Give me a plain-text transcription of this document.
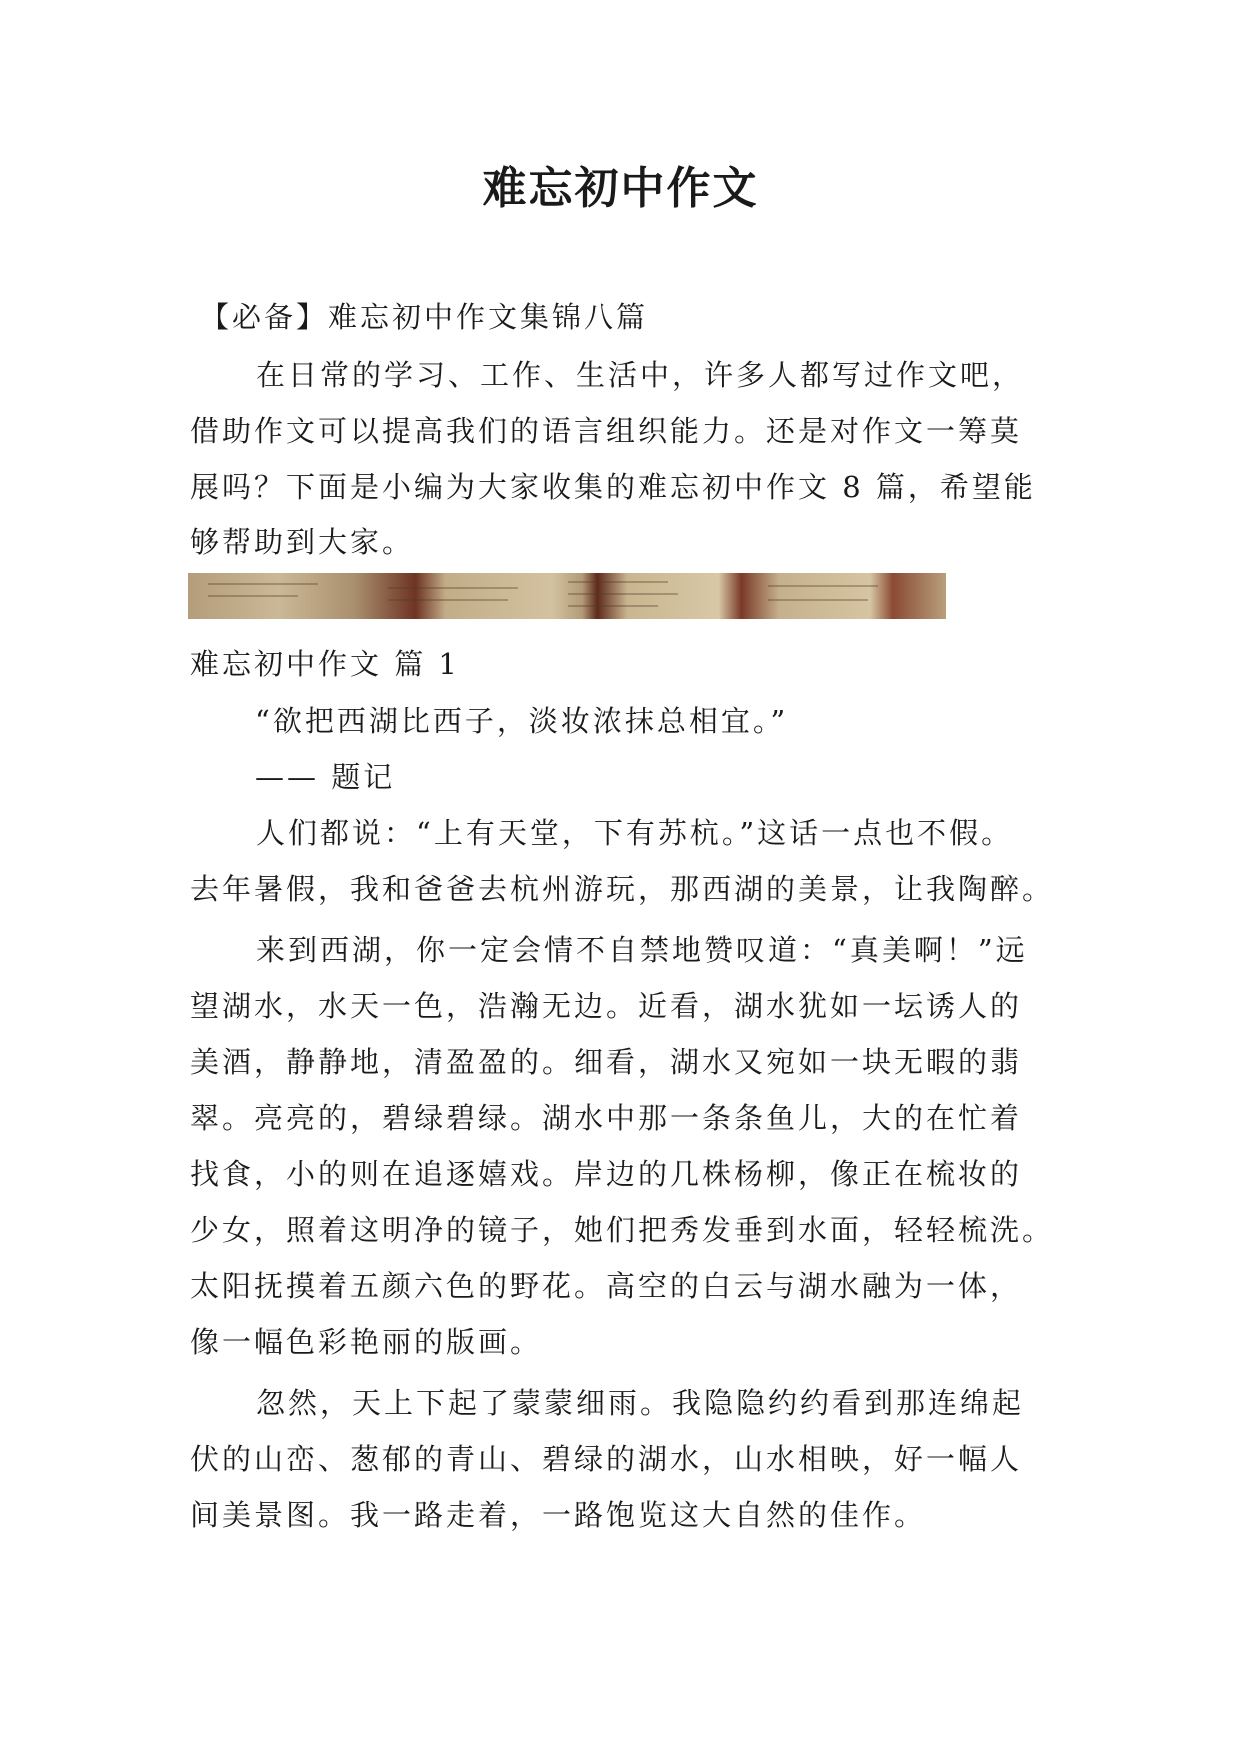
难忘初中作文

【必备】难忘初中作文集锦八篇

在日常的学习、工作、生活中，许多人都写过作文吧，

借助作文可以提高我们的语言组织能力。还是对作文一筹莫

展吗？下面是小编为大家收集的难忘初中作文 8 篇，希望能

够帮助到大家。

难忘初中作文 篇 1

“欲把西湖比西子，淡妆浓抹总相宜。”

—— 题记

人们都说：“上有天堂，下有苏杭。”这话一点也不假。

去年暑假，我和爸爸去杭州游玩，那西湖的美景，让我陶醉。

来到西湖，你一定会情不自禁地赞叹道：“真美啊！”远

望湖水，水天一色，浩瀚无边。近看，湖水犹如一坛诱人的

美酒，静静地，清盈盈的。细看，湖水又宛如一块无暇的翡

翠。亮亮的，碧绿碧绿。湖水中那一条条鱼儿，大的在忙着

找食，小的则在追逐嬉戏。岸边的几株杨柳，像正在梳妆的

少女，照着这明净的镜子，她们把秀发垂到水面，轻轻梳洗。

太阳抚摸着五颜六色的野花。高空的白云与湖水融为一体，

像一幅色彩艳丽的版画。

忽然，天上下起了蒙蒙细雨。我隐隐约约看到那连绵起

伏的山峦、葱郁的青山、碧绿的湖水，山水相映，好一幅人

间美景图。我一路走着，一路饱览这大自然的佳作。
